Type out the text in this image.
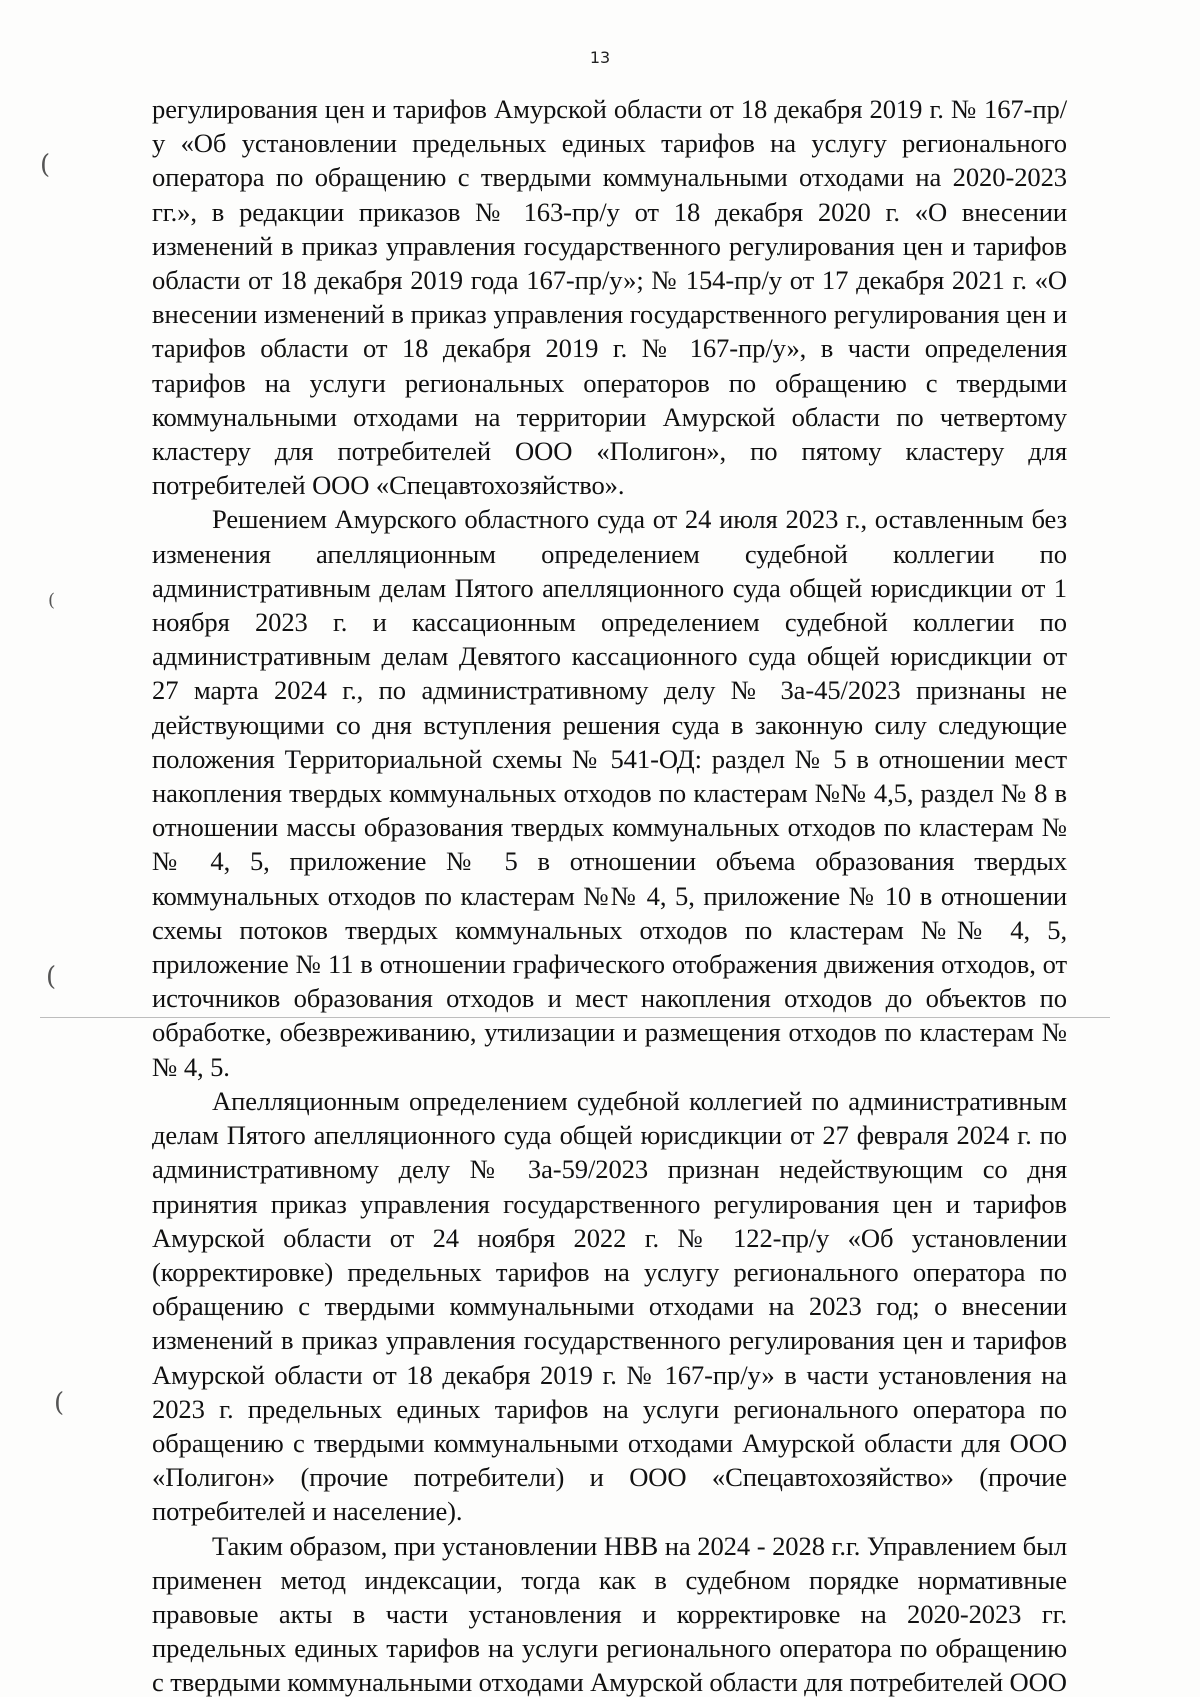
13
(
(
(
(

регулирования цен и тарифов Амурской области от 18 декабря 2019 г. № 167-пр/у «Об установлении предельных единых тарифов на услугу регионального оператора по обращению с твердыми коммунальными отходами на 2020-2023 гг.», в редакции приказов № 163-пр/у от 18 декабря 2020 г. «О внесении изменений в приказ управления государственного регулирования цен и тарифов области от 18 декабря 2019 года 167-пр/у»; № 154-пр/у от 17 декабря 2021 г. «О внесении изменений в приказ управления государственного регулирования цен и тарифов области от 18 декабря 2019 г. № 167-пр/у», в части определения тарифов на услуги региональных операторов по обращению с твердыми коммунальными отходами на территории Амурской области по четвертому кластеру для потребителей ООО «Полигон», по пятому кластеру для потребителей ООО «Спецавтохозяйство».

Решением Амурского областного суда от 24 июля 2023 г., оставленным без изменения апелляционным определением судебной коллегии по административным делам Пятого апелляционного суда общей юрисдикции от 1 ноября 2023 г. и кассационным определением судебной коллегии по административным делам Девятого кассационного суда общей юрисдикции от 27 марта 2024 г., по административному делу № 3а-45/2023 признаны не действующими со дня вступления решения суда в законную силу следующие положения Территориальной схемы № 541-ОД: раздел № 5 в отношении мест накопления твердых коммунальных отходов по кластерам №№ 4,5, раздел № 8 в отношении массы образования твердых коммунальных отходов по кластерам №№ 4, 5, приложение № 5 в отношении объема образования твердых коммунальных отходов по кластерам №№ 4, 5, приложение № 10 в отношении схемы потоков твердых коммунальных отходов по кластерам №№ 4, 5, приложение № 11 в отношении графического отображения движения отходов, от источников образования отходов и мест накопления отходов до объектов по обработке, обезвреживанию, утилизации и размещения отходов по кластерам №№ 4, 5.

Апелляционным определением судебной коллегией по административным делам Пятого апелляционного суда общей юрисдикции от 27 февраля 2024 г. по административному делу № 3а-59/2023 признан недействующим со дня принятия приказ управления государственного регулирования цен и тарифов Амурской области от 24 ноября 2022 г. № 122-пр/у «Об установлении (корректировке) предельных тарифов на услугу регионального оператора по обращению с твердыми коммунальными отходами на 2023 год; о внесении изменений в приказ управления государственного регулирования цен и тарифов Амурской области от 18 декабря 2019 г. № 167-пр/у» в части установления на 2023 г. предельных единых тарифов на услуги регионального оператора по обращению с твердыми коммунальными отходами Амурской области для ООО «Полигон» (прочие потребители) и ООО «Спецавтохозяйство» (прочие потребителей и население).

Таким образом, при установлении НВВ на 2024 - 2028 г.г. Управлением был применен метод индексации, тогда как в судебном порядке нормативные правовые акты в части установления и корректировке на 2020-2023 гг. предельных единых тарифов на услуги регионального оператора по обращению с твердыми коммунальными отходами Амурской области для потребителей ООО
